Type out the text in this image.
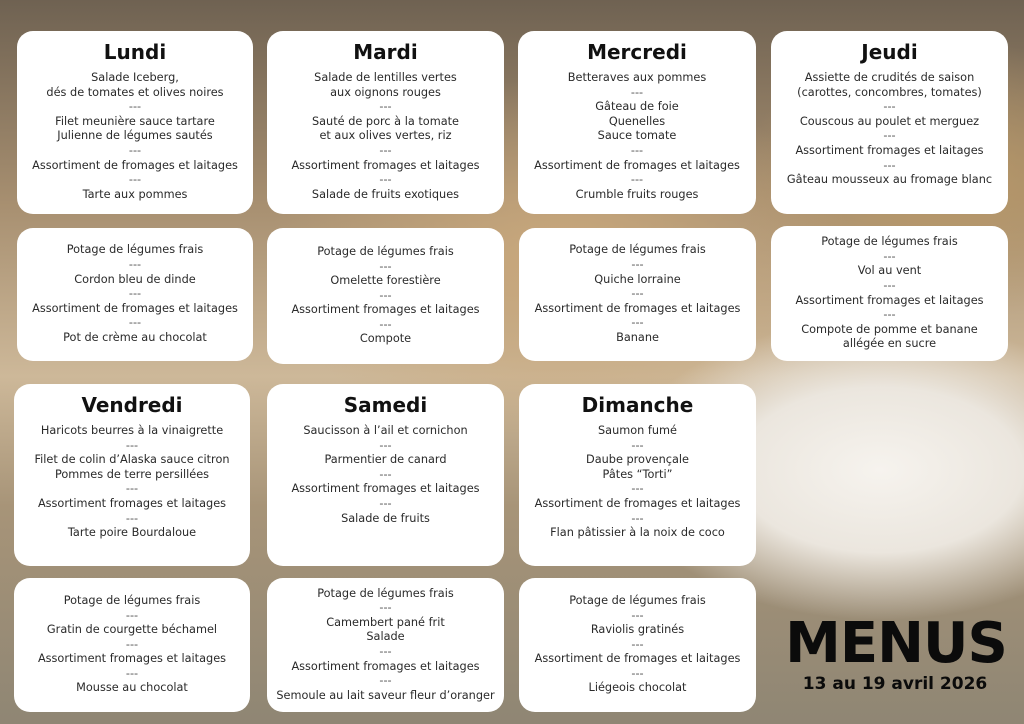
Lundi
Salade Iceberg,
dés de tomates et olives noires
---
Filet meunière sauce tartare
Julienne de légumes sautés
---
Assortiment de fromages et laitages
---
Tarte aux pommes
Mardi
Salade de lentilles vertes
aux oignons rouges
---
Sauté de porc à la tomate
et aux olives vertes, riz
---
Assortiment fromages et laitages
---
Salade de fruits exotiques
Mercredi
Betteraves aux pommes
---
Gâteau de foie
Quenelles
Sauce tomate
---
Assortiment de fromages et laitages
---
Crumble fruits rouges
Jeudi
Assiette de crudités de saison
(carottes, concombres, tomates)
---
Couscous au poulet et merguez
---
Assortiment fromages et laitages
---
Gâteau mousseux au fromage blanc
Vendredi
Haricots beurres à la vinaigrette
---
Filet de colin d’Alaska sauce citron
Pommes de terre persillées
---
Assortiment fromages et laitages
---
Tarte poire Bourdaloue
Samedi
Saucisson à l’ail et cornichon
---
Parmentier de canard
---
Assortiment fromages et laitages
---
Salade de fruits
Dimanche
Saumon fumé
---
Daube provençale
Pâtes “Torti”
---
Assortiment de fromages et laitages
---
Flan pâtissier à la noix de coco
Potage de légumes frais
---
Cordon bleu de dinde
---
Assortiment de fromages et laitages
---
Pot de crème au chocolat
Potage de légumes frais
---
Omelette forestière
---
Assortiment fromages et laitages
---
Compote
Potage de légumes frais
---
Quiche lorraine
---
Assortiment de fromages et laitages
---
Banane
Potage de légumes frais
---
Vol au vent
---
Assortiment fromages et laitages
---
Compote de pomme et banane
allégée en sucre
Potage de légumes frais
---
Gratin de courgette béchamel
---
Assortiment fromages et laitages
---
Mousse au chocolat
Potage de légumes frais
---
Camembert pané frit
Salade
---
Assortiment fromages et laitages
---
Semoule au lait saveur fleur d’oranger
Potage de légumes frais
---
Raviolis gratinés
---
Assortiment de fromages et laitages
---
Liégeois chocolat
MENUS
13 au 19 avril 2026
